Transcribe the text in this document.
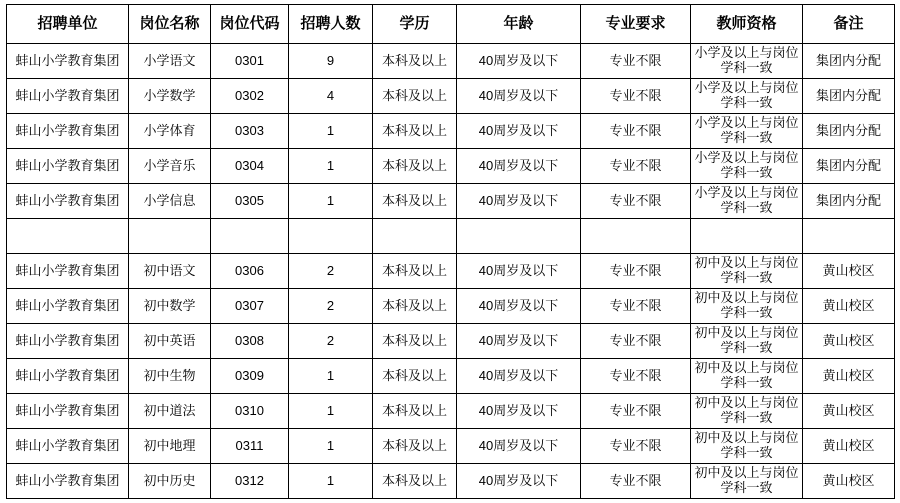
招聘单位	岗位名称	岗位代码	招聘人数	学历	年龄	专业要求	教师资格	备注
蚌山小学教育集团	小学语文	0301	9	本科及以上	40周岁及以下	专业不限	小学及以上与岗位学科一致	集团内分配
蚌山小学教育集团	小学数学	0302	4	本科及以上	40周岁及以下	专业不限	小学及以上与岗位学科一致	集团内分配
蚌山小学教育集团	小学体育	0303	1	本科及以上	40周岁及以下	专业不限	小学及以上与岗位学科一致	集团内分配
蚌山小学教育集团	小学音乐	0304	1	本科及以上	40周岁及以下	专业不限	小学及以上与岗位学科一致	集团内分配
蚌山小学教育集团	小学信息	0305	1	本科及以上	40周岁及以下	专业不限	小学及以上与岗位学科一致	集团内分配

蚌山小学教育集团	初中语文	0306	2	本科及以上	40周岁及以下	专业不限	初中及以上与岗位学科一致	黄山校区
蚌山小学教育集团	初中数学	0307	2	本科及以上	40周岁及以下	专业不限	初中及以上与岗位学科一致	黄山校区
蚌山小学教育集团	初中英语	0308	2	本科及以上	40周岁及以下	专业不限	初中及以上与岗位学科一致	黄山校区
蚌山小学教育集团	初中生物	0309	1	本科及以上	40周岁及以下	专业不限	初中及以上与岗位学科一致	黄山校区
蚌山小学教育集团	初中道法	0310	1	本科及以上	40周岁及以下	专业不限	初中及以上与岗位学科一致	黄山校区
蚌山小学教育集团	初中地理	0311	1	本科及以上	40周岁及以下	专业不限	初中及以上与岗位学科一致	黄山校区
蚌山小学教育集团	初中历史	0312	1	本科及以上	40周岁及以下	专业不限	初中及以上与岗位学科一致	黄山校区
